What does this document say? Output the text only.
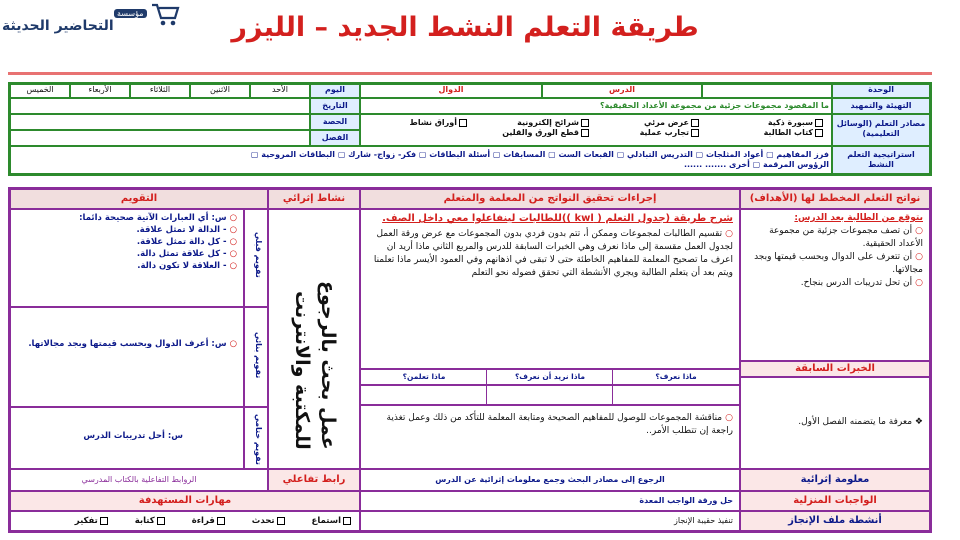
مؤسسة
التحاضير الحديثة	طريقة التعلم النشط الجديد – الليزر
الوحدة
الدرس
الدوال
اليوم
الأحد
الاثنين
الثلاثاء
الأربعاء
الخميس
التهيئة والتمهيد
ما المقصود مجموعات جزئية من مجموعة الأعداد الحقيقية؟
التاريخ
مصادر التعلم (الوسائل التعليمية)
سبورة ذكية
كتاب الطالبة
عرض مرئي
تجارب عملية
شرائح إلكترونية
قطع الورق والقلين
أوراق نشاط
الحصة
الفصل
استراتيجية التعلم النشط
فرز المفاهيم ▢ أعواد المثلجات ▢ التدريس التبادلي ▢ القبعات الست ▢ المسابقات ▢ أسئلة البطاقات ▢ فكر- زواج- شارك ▢ البطاقات المروحية ▢
الرؤوس المرقمة ▢ أخرى ....... ......
نواتج التعلم المخطط لها (الأهداف)
إجراءات تحقيق النواتج من المعلمة والمتعلم
نشاط إثرائي
التقويم
يتوقع من الطالبة بعد الدرس:
○أن تصف مجموعات جزئية من مجموعة الأعداد الحقيقية.
○أن تتعرف على الدوال وبحسب قيمتها وبجد مجالاتها.
○أن تحل تدريبات الدرس بنجاح.
الخبرات السابقة
❖ معرفة ما يتضمنه الفصل الأول.
شرح طريقة (جدول التعلم ( kwl ))للطالبات لينفاعلوا معي داخل الصف.
○تقسيم الطالبات لمجموعات وممكن أ، تتم بدون فردي بدون المجموعات مع عرض ورقة العمل لجدول العمل مقسمة إلى ماذا نعرف وهي الخبرات السابقة للدرس والمربع الثاني ماذا أريد ان اعرف ما تصحيح المعلمة للمفاهيم الخاطئة حتى لا تبقى في اذهانهم وفي العمود الأيسر ماذا تعلمنا ويتم بعد أن يتعلم الطالبة ويجري الأنشطة التي تحقق فضوله نحو التعلم
ماذا نعرف؟
ماذا نريد أن نعرف؟
ماذا تعلمن؟
○مناقشة المجموعات للوصول للمفاهيم الصحيحة ومتابعة المعلمة للتأكد من ذلك وعمل تغذية راجعة إن تتطلب الأمر..
عمل بحث بالرجوع للمكتبة والانترنت
تقويم قبلي
○س: أي العبارات الآتية صحيحة دائما:
○- الدالة لا تمثل علاقة.
○- كل دالة تمثل علاقة.
○- كل علاقة تمثل دالة.
○- العلاقة لا تكون دالة.
تقويم بنائي
○س: أعرف الدوال وبحسب قيمتها وبجد مجالاتها.
تقويم ختامي
س: أحل تدريبات الدرس
معلومة إثرائية
الرجوع إلى مصادر البحث وجمع معلومات إثرائية عن الدرس
رابط تفاعلي
الروابط التفاعلية بالكتاب المدرسي
الواجبات المنزلية
حل ورقة الواجب المعدة
مهارات المستهدفة
أنشطة ملف الإنجاز
تنفيذ حقيبة الإنجاز
استماع تحدث قراءة كتابة تفكير
